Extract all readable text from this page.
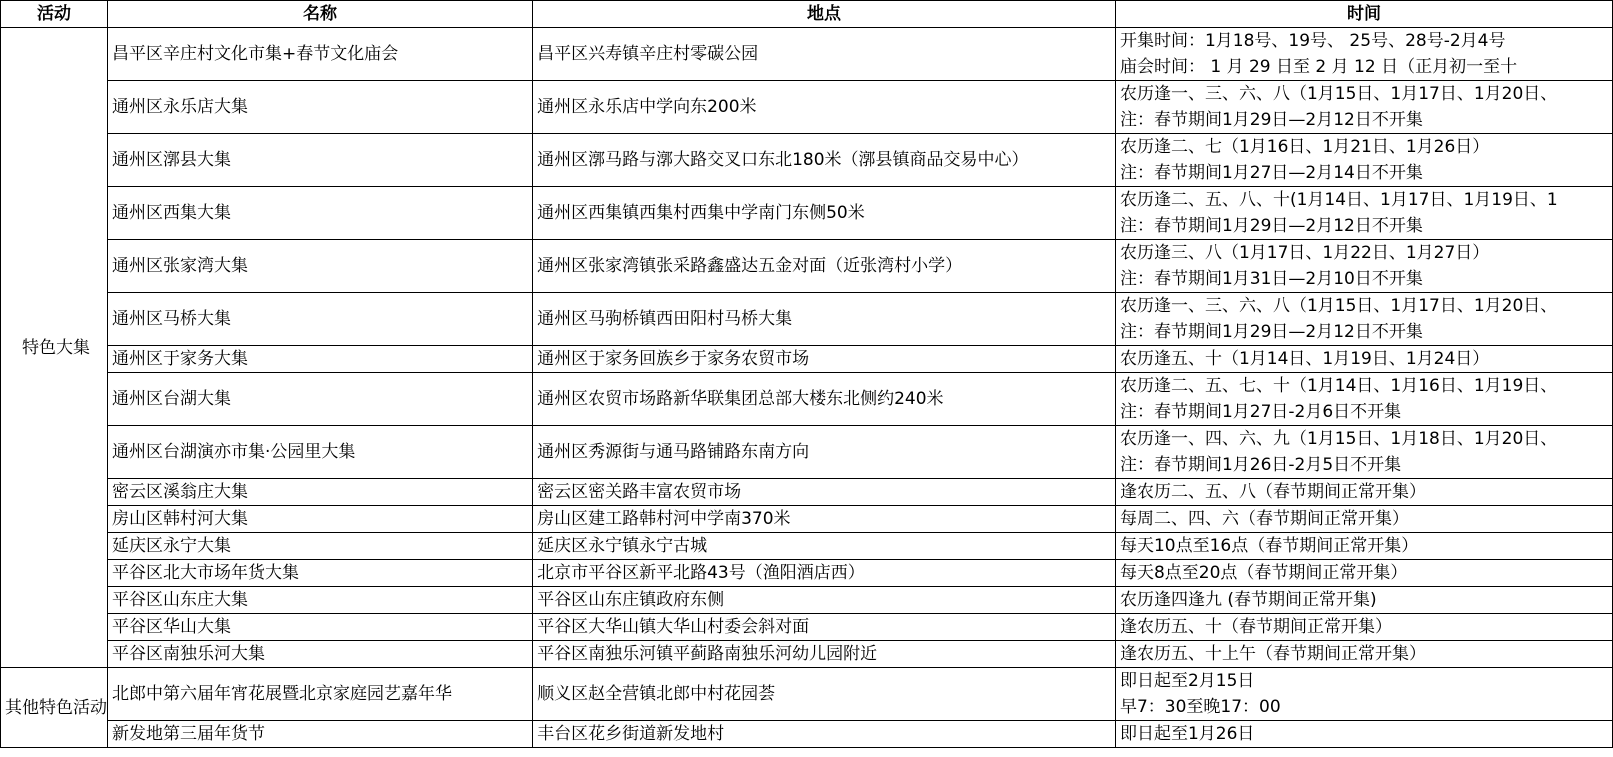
活动	名称	地点	时间
特色大集	昌平区辛庄村文化市集+春节文化庙会	昌平区兴寿镇辛庄村零碳公园	开集时间：1月18号、19号、 25号、28号-2月4号
庙会时间： 1 月 29 日至 2 月 12 日（正月初一至十

	通州区永乐店大集	通州区永乐店中学向东200米	农历逢一、三、六、八（1月15日、1月17日、1月20日、
注：春节期间1月29日—2月12日不开集

	通州区漷县大集	通州区漷马路与漷大路交叉口东北180米（漷县镇商品交易中心）	农历逢二、七（1月16日、1月21日、1月26日）
注：春节期间1月27日—2月14日不开集

	通州区西集大集	通州区西集镇西集村西集中学南门东侧50米	农历逢二、五、八、十(1月14日、1月17日、1月19日、1
注：春节期间1月29日—2月12日不开集

	通州区张家湾大集	通州区张家湾镇张采路鑫盛达五金对面（近张湾村小学）	农历逢三、八（1月17日、1月22日、1月27日）
注：春节期间1月31日—2月10日不开集

	通州区马桥大集	通州区马驹桥镇西田阳村马桥大集	农历逢一、三、六、八（1月15日、1月17日、1月20日、
注：春节期间1月29日—2月12日不开集

	通州区于家务大集	通州区于家务回族乡于家务农贸市场	农历逢五、十（1月14日、1月19日、1月24日）

	通州区台湖大集	通州区农贸市场路新华联集团总部大楼东北侧约240米	农历逢二、五、七、十（1月14日、1月16日、1月19日、
注：春节期间1月27日-2月6日不开集

	通州区台湖演亦市集·公园里大集	通州区秀源街与通马路铺路东南方向	农历逢一、四、六、九（1月15日、1月18日、1月20日、
注：春节期间1月26日-2月5日不开集

	密云区溪翁庄大集	密云区密关路丰富农贸市场	逢农历二、五、八（春节期间正常开集）

	房山区韩村河大集	房山区建工路韩村河中学南370米	每周二、四、六（春节期间正常开集）

	延庆区永宁大集	延庆区永宁镇永宁古城	每天10点至16点（春节期间正常开集）

	平谷区北大市场年货大集	北京市平谷区新平北路43号（渔阳酒店西）	每天8点至20点（春节期间正常开集）

	平谷区山东庄大集	平谷区山东庄镇政府东侧	农历逢四逢九 (春节期间正常开集)

	平谷区华山大集	平谷区大华山镇大华山村委会斜对面	逢农历五、十（春节期间正常开集）

	平谷区南独乐河大集	平谷区南独乐河镇平蓟路南独乐河幼儿园附近	逢农历五、十上午（春节期间正常开集）

其他特色活动	北郎中第六届年宵花展暨北京家庭园艺嘉年华	顺义区赵全营镇北郎中村花园荟	即日起至2月15日
早7：30至晚17：00

	新发地第三届年货节	丰台区花乡街道新发地村	即日起至1月26日
